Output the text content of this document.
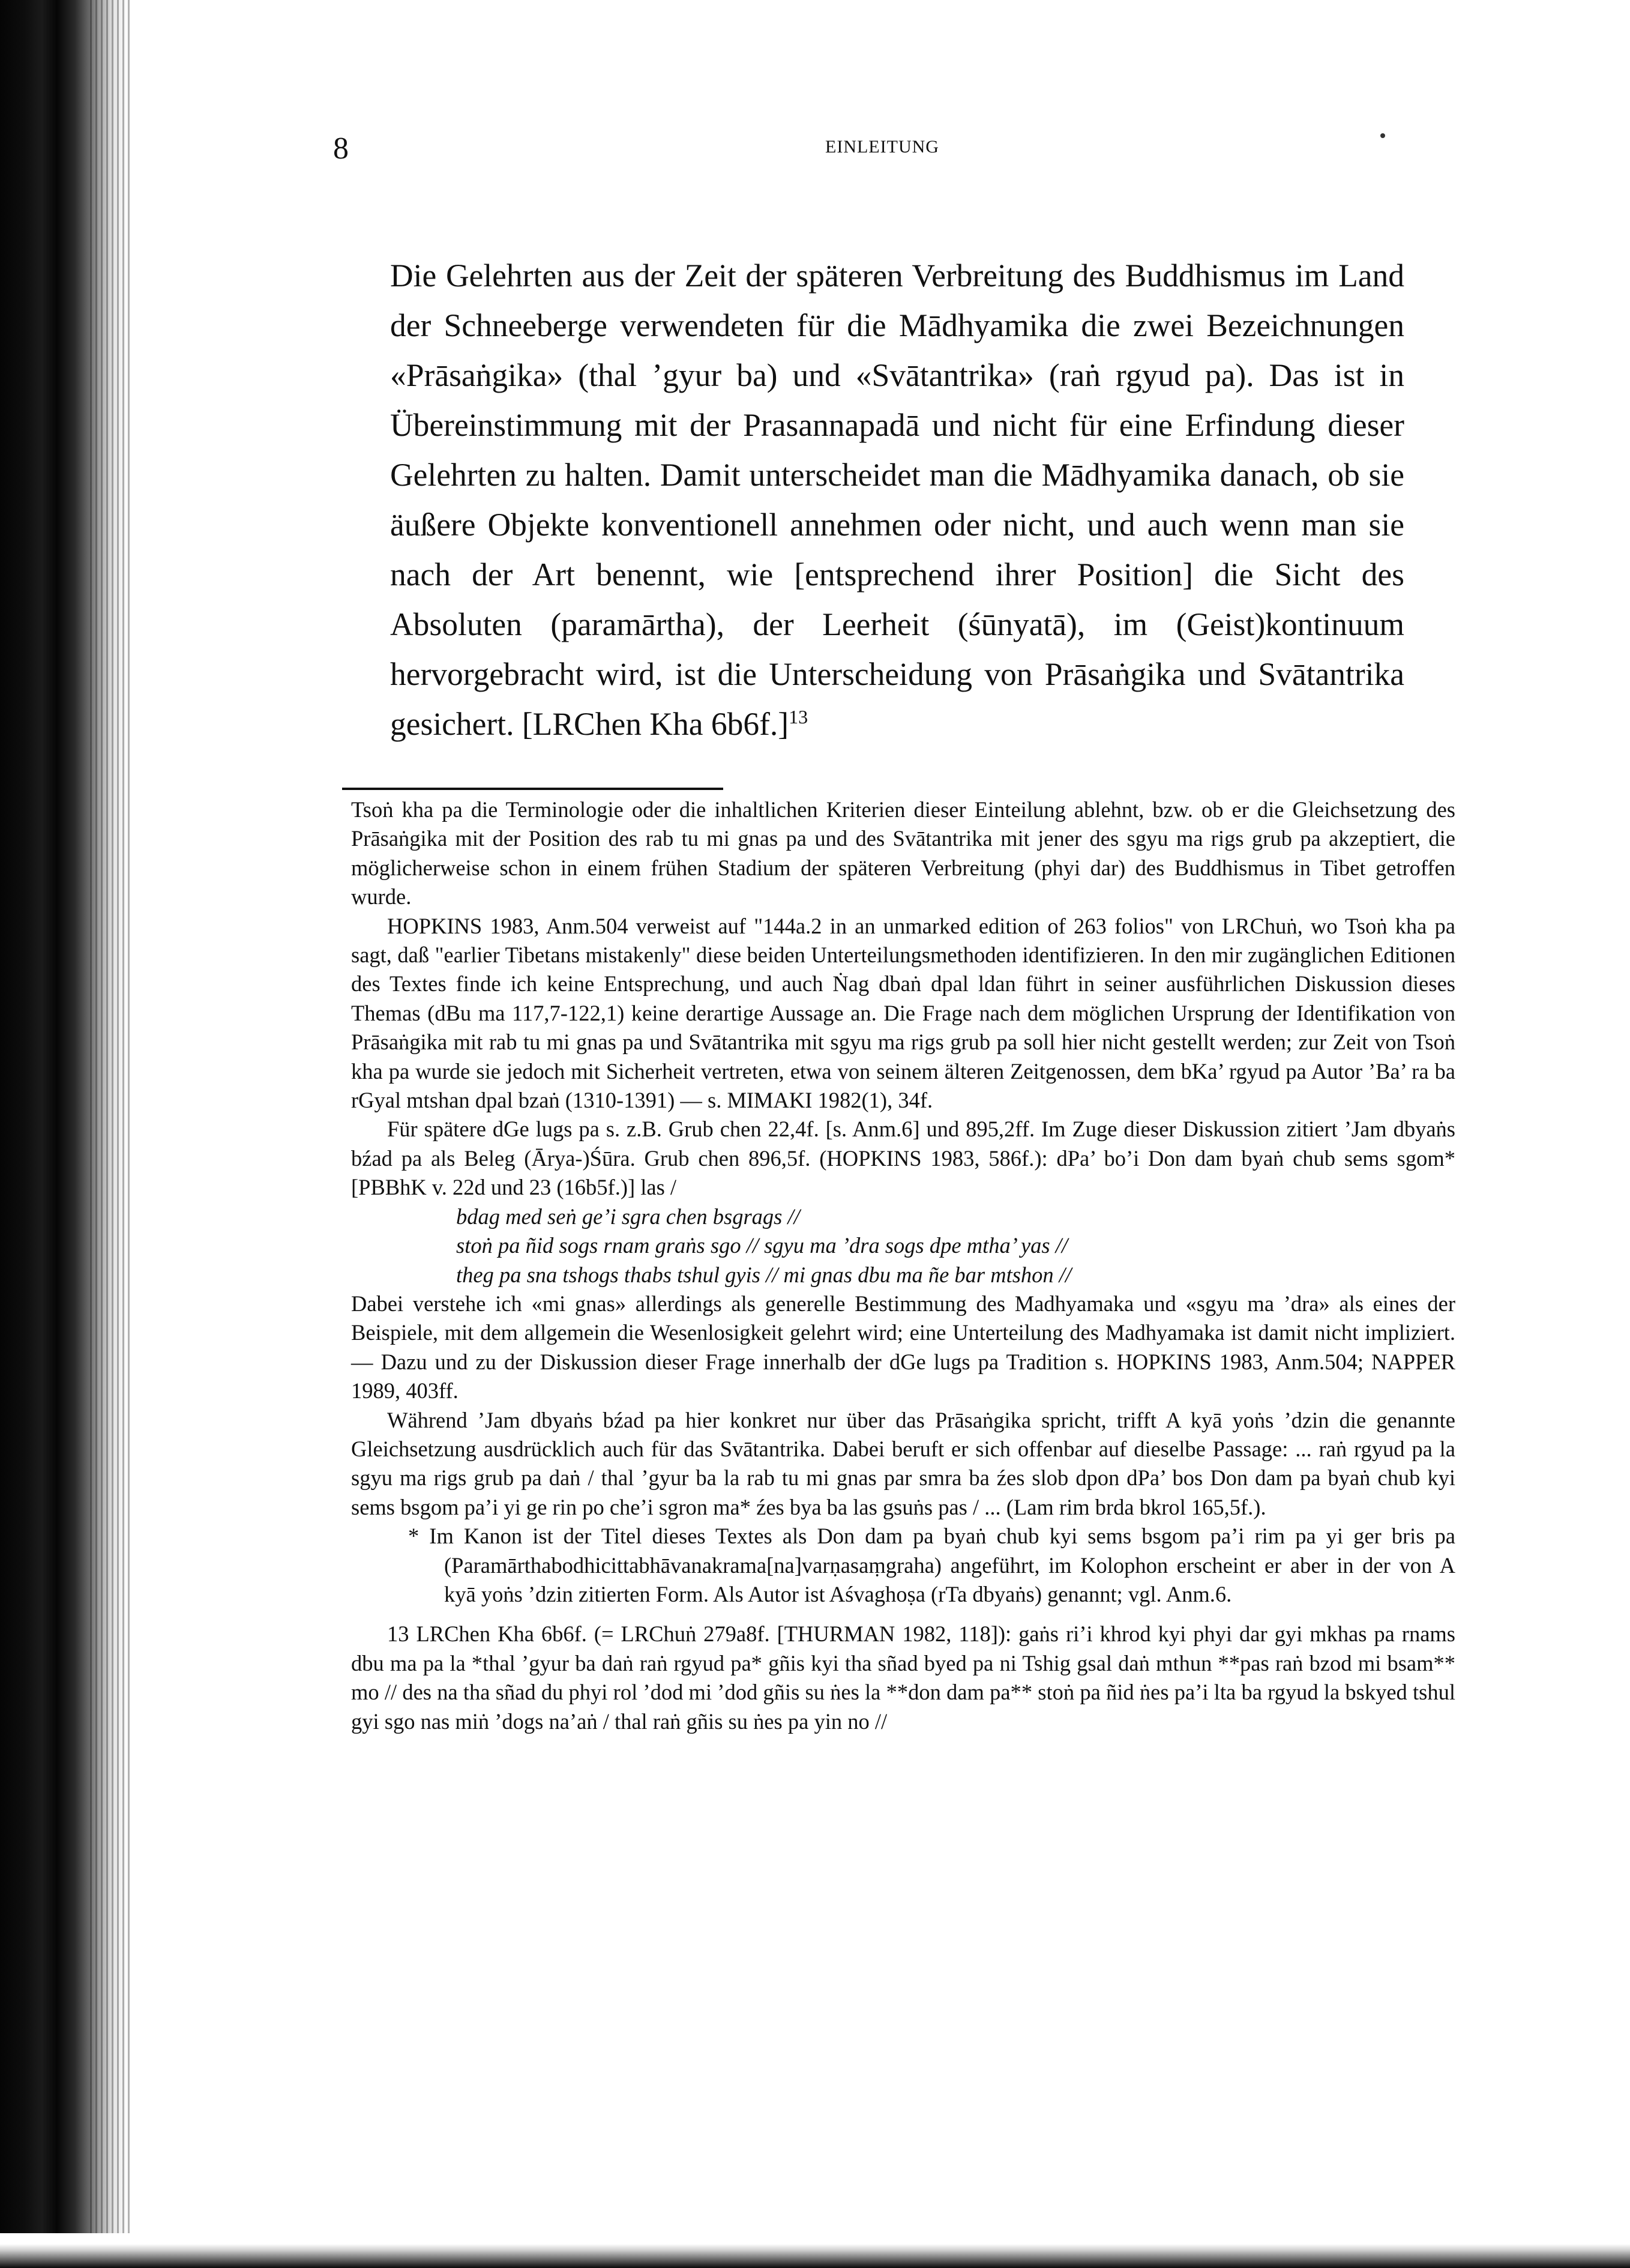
8	EINLEITUNG

Die Gelehrten aus der Zeit der späteren Verbreitung des Buddhismus im Land der Schneeberge verwendeten für die Mādhyamika die zwei Bezeichnungen «Prāsaṅgika» (thal ’gyur ba) und «Svātantrika» (raṅ rgyud pa). Das ist in Übereinstimmung mit der Prasannapadā und nicht für eine Erfindung dieser Gelehrten zu halten. Damit unterscheidet man die Mādhyamika danach, ob sie äußere Objekte konventionell annehmen oder nicht, und auch wenn man sie nach der Art benennt, wie [entsprechend ihrer Position] die Sicht des Absoluten (paramārtha), der Leerheit (śūnyatā), im (Geist)kontinuum hervorgebracht wird, ist die Unterscheidung von Prāsaṅgika und Svātantrika gesichert. [LRChen Kha 6b6f.]$^{13}$

Tsoṅ kha pa die Terminologie oder die inhaltlichen Kriterien dieser Einteilung ablehnt, bzw. ob er die Gleichsetzung des Prāsaṅgika mit der Position des rab tu mi gnas pa und des Svātantrika mit jener des sgyu ma rigs grub pa akzeptiert, die möglicherweise schon in einem frühen Stadium der späteren Verbreitung (phyi dar) des Buddhismus in Tibet getroffen wurde.

HOPKINS 1983, Anm.504 verweist auf "144a.2 in an unmarked edition of 263 folios" von LRChuṅ, wo Tsoṅ kha pa sagt, daß "earlier Tibetans mistakenly" diese beiden Unterteilungsmethoden identifizieren. In den mir zugänglichen Editionen des Textes finde ich keine Entsprechung, und auch Ṅag dbaṅ dpal ldan führt in seiner ausführlichen Diskussion dieses Themas (dBu ma 117,7-122,1) keine derartige Aussage an. Die Frage nach dem möglichen Ursprung der Identifikation von Prāsaṅgika mit rab tu mi gnas pa und Svātantrika mit sgyu ma rigs grub pa soll hier nicht gestellt werden; zur Zeit von Tsoṅ kha pa wurde sie jedoch mit Sicherheit vertreten, etwa von seinem älteren Zeitgenossen, dem bKa’ rgyud pa Autor ’Ba’ ra ba rGyal mtshan dpal bzaṅ (1310-1391) — s. MIMAKI 1982(1), 34f.

Für spätere dGe lugs pa s. z.B. Grub chen 22,4f. [s. Anm.6] und 895,2ff. Im Zuge dieser Diskussion zitiert ’Jam dbyaṅs bźad pa als Beleg (Ārya-)Śūra. Grub chen 896,5f. (HOPKINS 1983, 586f.): dPa’ bo’i Don dam byaṅ chub sems sgom* [PBBhK v. 22d und 23 (16b5f.)] las /

bdag med seṅ ge’i sgra chen bsgrags //

stoṅ pa ñid sogs rnam graṅs sgo // sgyu ma ’dra sogs dpe mtha’ yas //

theg pa sna tshogs thabs tshul gyis // mi gnas dbu ma ñe bar mtshon //

Dabei verstehe ich «mi gnas» allerdings als generelle Bestimmung des Madhyamaka und «sgyu ma ’dra» als eines der Beispiele, mit dem allgemein die Wesenlosigkeit gelehrt wird; eine Unterteilung des Madhyamaka ist damit nicht impliziert. — Dazu und zu der Diskussion dieser Frage innerhalb der dGe lugs pa Tradition s. HOPKINS 1983, Anm.504; NAPPER 1989, 403ff.

Während ’Jam dbyaṅs bźad pa hier konkret nur über das Prāsaṅgika spricht, trifft A kyā yoṅs ’dzin die genannte Gleichsetzung ausdrücklich auch für das Svātantrika. Dabei beruft er sich offenbar auf dieselbe Passage: ... raṅ rgyud pa la sgyu ma rigs grub pa daṅ / thal ’gyur ba la rab tu mi gnas par smra ba źes slob dpon dPa’ bos Don dam pa byaṅ chub kyi sems bsgom pa’i yi ge rin po che’i sgron ma* źes bya ba las gsuṅs pas / ... (Lam rim brda bkrol 165,5f.).

* Im Kanon ist der Titel dieses Textes als Don dam pa byaṅ chub kyi sems bsgom pa’i rim pa yi ger bris pa (Paramārthabodhicittabhāvanakrama[na]varṇasaṃgraha) angeführt, im Kolophon erscheint er aber in der von A kyā yoṅs ’dzin zitierten Form. Als Autor ist Aśvaghoṣa (rTa dbyaṅs) genannt; vgl. Anm.6.

13 LRChen Kha 6b6f. (= LRChuṅ 279a8f. [THURMAN 1982, 118]): gaṅs ri’i khrod kyi phyi dar gyi mkhas pa rnams dbu ma pa la *thal ’gyur ba daṅ raṅ rgyud pa* gñis kyi tha sñad byed pa ni Tshig gsal daṅ mthun **pas raṅ bzod mi bsam** mo // des na tha sñad du phyi rol ’dod mi ’dod gñis su ṅes la **don dam pa** stoṅ pa ñid ṅes pa’i lta ba rgyud la bskyed tshul gyi sgo nas miṅ ’dogs na’aṅ / thal raṅ gñis su ṅes pa yin no //
